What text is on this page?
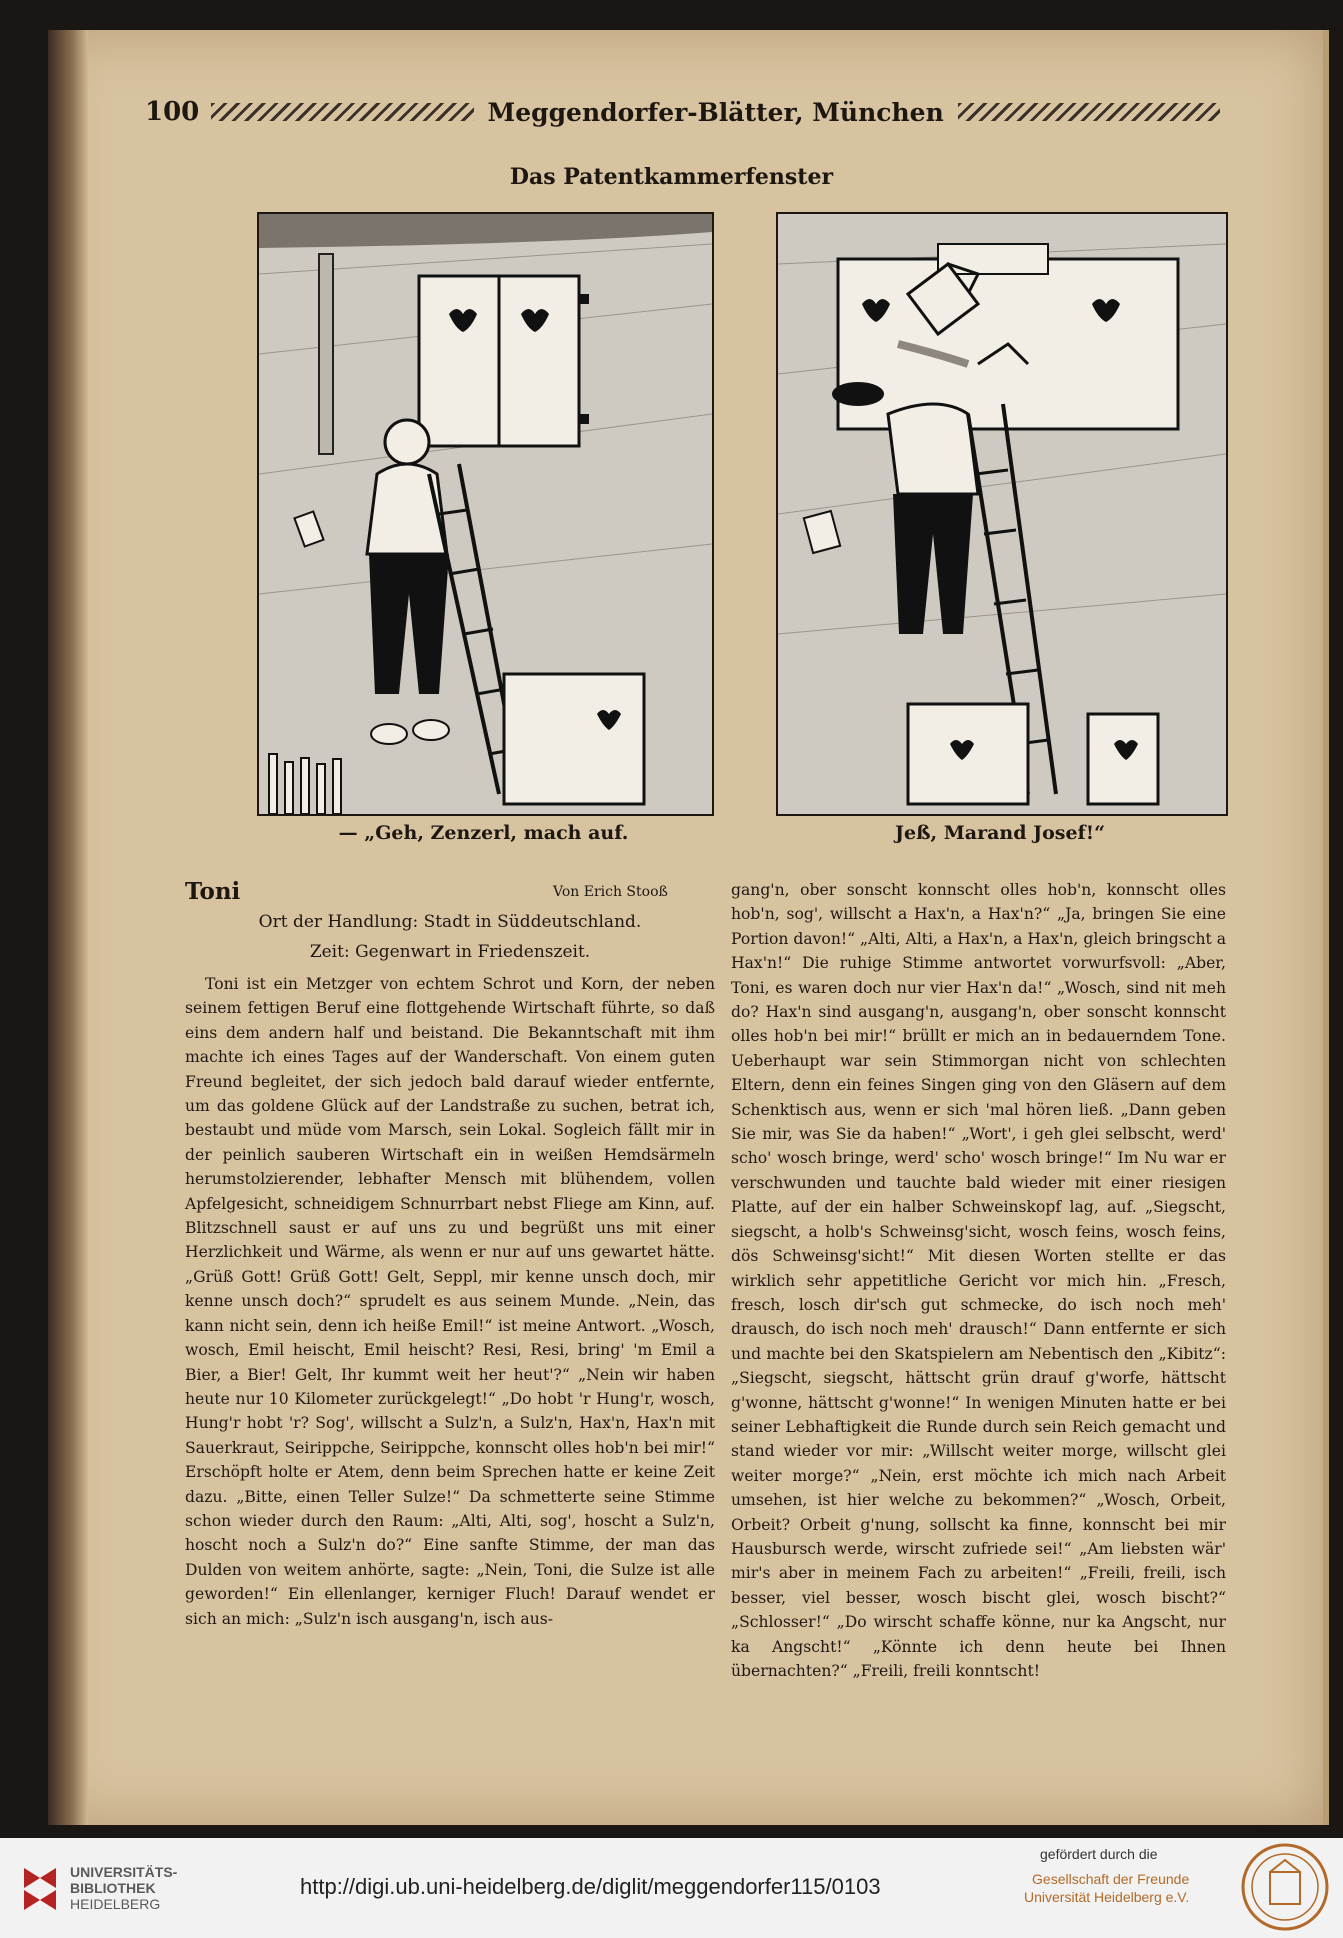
100	Meggendorfer-Blätter, München
Das Patentkammerfenster
— „Geh, Zenzerl, mach auf.	Jeß, Marand Josef!“
Toni	Von Erich Stooß
Ort der Handlung: Stadt in Süddeutschland.
Zeit: Gegenwart in Friedenszeit.

Toni ist ein Metzger von echtem Schrot und Korn, der neben seinem fettigen Beruf eine flottgehende Wirtschaft führte, so daß eins dem andern half und beistand. Die Bekanntschaft mit ihm machte ich eines Tages auf der Wanderschaft. Von einem guten Freund begleitet, der sich jedoch bald darauf wieder entfernte, um das goldene Glück auf der Landstraße zu suchen, betrat ich, bestaubt und müde vom Marsch, sein Lokal. Sogleich fällt mir in der peinlich sauberen Wirtschaft ein in weißen Hemdsärmeln herumstolzierender, lebhafter Mensch mit blühendem, vollen Apfelgesicht, schneidigem Schnurrbart nebst Fliege am Kinn, auf. Blitzschnell saust er auf uns zu und begrüßt uns mit einer Herzlichkeit und Wärme, als wenn er nur auf uns gewartet hätte. „Grüß Gott! Grüß Gott! Gelt, Seppl, mir kenne unsch doch, mir kenne unsch doch?“ sprudelt es aus seinem Munde. „Nein, das kann nicht sein, denn ich heiße Emil!“ ist meine Antwort. „Wosch, wosch, Emil heischt, Emil heischt? Resi, Resi, bring' 'm Emil a Bier, a Bier! Gelt, Ihr kummt weit her heut'?“ „Nein wir haben heute nur 10 Kilometer zurückgelegt!“ „Do hobt 'r Hung'r, wosch, Hung'r hobt 'r? Sog', willscht a Sulz'n, a Sulz'n, Hax'n, Hax'n mit Sauerkraut, Seirippche, Seirippche, konnscht olles hob'n bei mir!“ Erschöpft holte er Atem, denn beim Sprechen hatte er keine Zeit dazu. „Bitte, einen Teller Sulze!“ Da schmetterte seine Stimme schon wieder durch den Raum: „Alti, Alti, sog', hoscht a Sulz'n, hoscht noch a Sulz'n do?“ Eine sanfte Stimme, der man das Dulden von weitem anhörte, sagte: „Nein, Toni, die Sulze ist alle geworden!“ Ein ellenlanger, kerniger Fluch! Darauf wendet er sich an mich: „Sulz'n isch ausgang'n, isch aus-

gang'n, ober sonscht konnscht olles hob'n, konnscht olles hob'n, sog', willscht a Hax'n, a Hax'n?“ „Ja, bringen Sie eine Portion davon!“ „Alti, Alti, a Hax'n, a Hax'n, gleich bringscht a Hax'n!“ Die ruhige Stimme antwortet vorwurfsvoll: „Aber, Toni, es waren doch nur vier Hax'n da!“ „Wosch, sind nit meh do? Hax'n sind ausgang'n, ausgang'n, ober sonscht konnscht olles hob'n bei mir!“ brüllt er mich an in bedauerndem Tone. Ueberhaupt war sein Stimmorgan nicht von schlechten Eltern, denn ein feines Singen ging von den Gläsern auf dem Schenktisch aus, wenn er sich 'mal hören ließ. „Dann geben Sie mir, was Sie da haben!“ „Wort', i geh glei selbscht, werd' scho' wosch bringe, werd' scho' wosch bringe!“ Im Nu war er verschwunden und tauchte bald wieder mit einer riesigen Platte, auf der ein halber Schweinskopf lag, auf. „Siegscht, siegscht, a holb's Schweinsg'sicht, wosch feins, wosch feins, dös Schweinsg'sicht!“ Mit diesen Worten stellte er das wirklich sehr appetitliche Gericht vor mich hin. „Fresch, fresch, losch dir'sch gut schmecke, do isch noch meh' drausch, do isch noch meh' drausch!“ Dann entfernte er sich und machte bei den Skatspielern am Nebentisch den „Kibitz“: „Siegscht, siegscht, hättscht grün drauf g'worfe, hättscht g'wonne, hättscht g'wonne!“ In wenigen Minuten hatte er bei seiner Lebhaftigkeit die Runde durch sein Reich gemacht und stand wieder vor mir: „Willscht weiter morge, willscht glei weiter morge?“ „Nein, erst möchte ich mich nach Arbeit umsehen, ist hier welche zu bekommen?“ „Wosch, Orbeit, Orbeit? Orbeit g'nung, sollscht ka finne, konnscht bei mir Hausbursch werde, wirscht zufriede sei!“ „Am liebsten wär' mir's aber in meinem Fach zu arbeiten!“ „Freili, freili, isch besser, viel besser, wosch bischt glei, wosch bischt?“ „Schlosser!“ „Do wirscht schaffe könne, nur ka Angscht, nur ka Angscht!“ „Könnte ich denn heute bei Ihnen übernachten?“ „Freili, freili konntscht!

UNIVERSITÄTS-
BIBLIOTHEK
HEIDELBERG
http://digi.ub.uni-heidelberg.de/diglit/meggendorfer115/0103
gefördert durch die
Gesellschaft der Freunde
Universität Heidelberg e.V.
